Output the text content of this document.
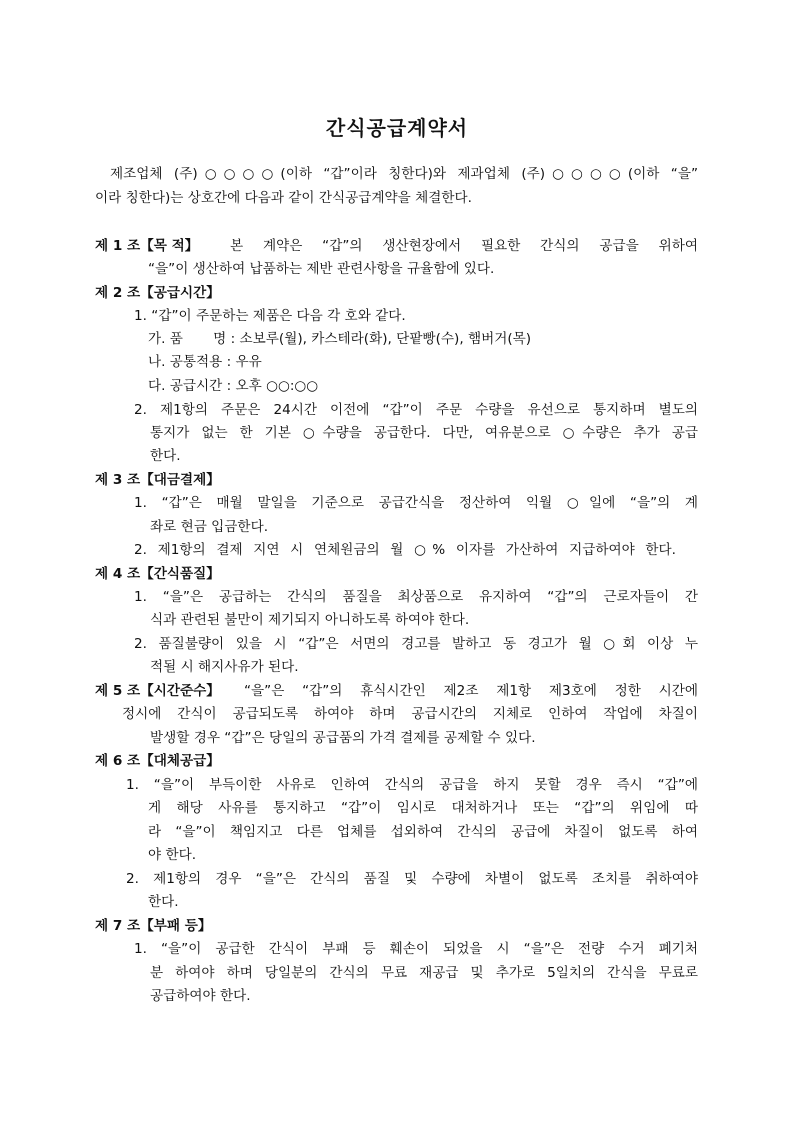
간식공급계약서
제조업체 (주)○○○○(이하 “갑”이라 칭한다)와 제과업체 (주)○○○○(이하 “을”
이라 칭한다)는 상호간에 다음과 같이 간식공급계약을 체결한다.
제 1 조【목 적】 본 계약은 “갑”의 생산현장에서 필요한 간식의 공급을 위하여
“을”이 생산하여 납품하는 제반 관련사항을 규율함에 있다.
제 2 조【공급시간】
1. “갑”이 주문하는 제품은 다음 각 호와 같다.
가. 품       명 : 소보루(월), 카스테라(화), 단팥빵(수), 햄버거(목)
나. 공통적용 : 우유
다. 공급시간 : 오후 ○○:○○
2. 제1항의 주문은 24시간 이전에 “갑”이 주문 수량을 유선으로 통지하며 별도의
통지가 없는 한 기본 ○수량을 공급한다. 다만, 여유분으로 ○수량은 추가 공급
한다.
제 3 조【대금결제】
1. “갑”은 매월 말일을 기준으로 공급간식을 정산하여 익월 ○일에 “을”의 계
좌로 현금 입금한다.
2. 제1항의 결제 지연 시 연체원금의 월 ○% 이자를 가산하여 지급하여야 한다.
제 4 조【간식품질】
1. “을”은 공급하는 간식의 품질을 최상품으로 유지하여 “갑”의 근로자들이 간
식과 관련된 불만이 제기되지 아니하도록 하여야 한다.
2. 품질불량이 있을 시 “갑”은 서면의 경고를 발하고 동 경고가 월 ○회 이상 누
적될 시 해지사유가 된다.
제 5 조【시간준수】 “을”은 “갑”의 휴식시간인 제2조 제1항 제3호에 정한 시간에
정시에 간식이 공급되도록 하여야 하며 공급시간의 지체로 인하여 작업에 차질이
발생할 경우 “갑”은 당일의 공급품의 가격 결제를 공제할 수 있다.
제 6 조【대체공급】
1. “을”이 부득이한 사유로 인하여 간식의 공급을 하지 못할 경우 즉시 “갑”에
게 해당 사유를 통지하고 “갑”이 임시로 대처하거나 또는 “갑”의 위임에 따
라 “을”이 책임지고 다른 업체를 섭외하여 간식의 공급에 차질이 없도록 하여
야 한다.
2. 제1항의 경우 “을”은 간식의 품질 및 수량에 차별이 없도록 조치를 취하여야
한다.
제 7 조【부패 등】
1. “을”이 공급한 간식이 부패 등 훼손이 되었을 시 “을”은 전량 수거 폐기처
분 하여야 하며 당일분의 간식의 무료 재공급 및 추가로 5일치의 간식을 무료로
공급하여야 한다.
